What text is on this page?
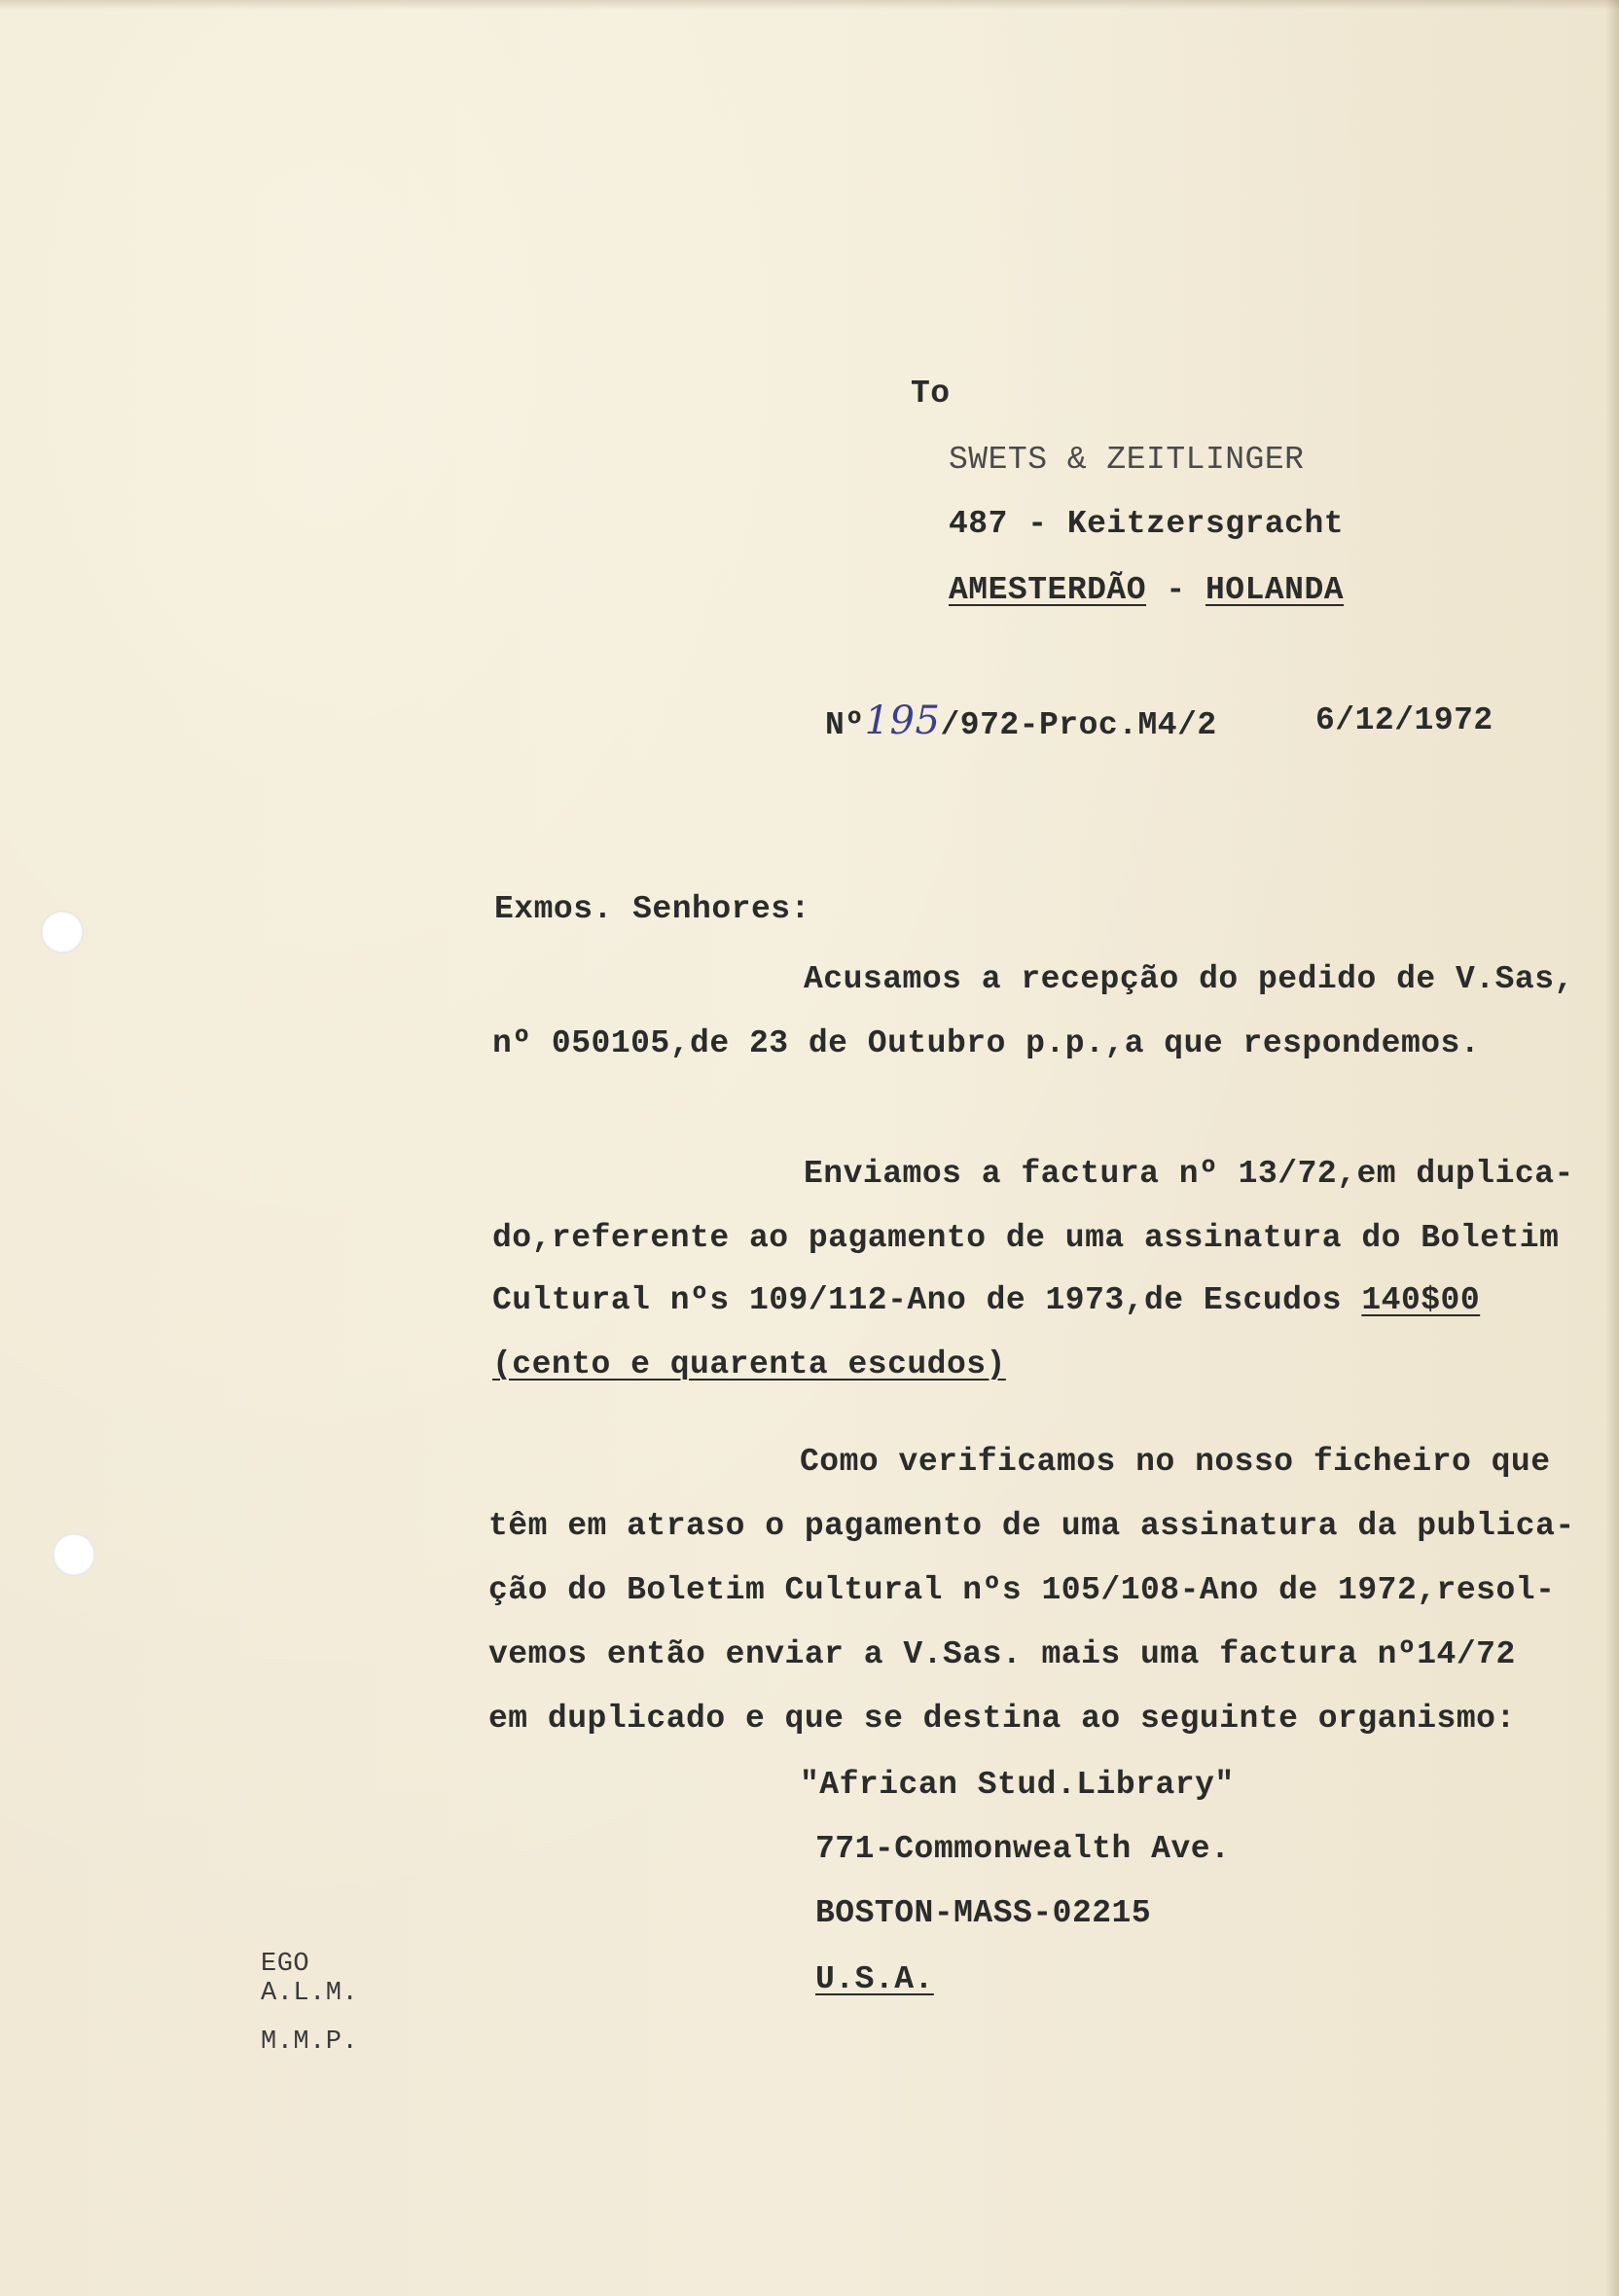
To
SWETS & ZEITLINGER
487 - Keitzersgracht
AMESTERDÃO - HOLANDA
Nº195/972-Proc.M4/2	6/12/1972
Exmos. Senhores:
Acusamos a recepção do pedido de V.Sas,
nº 050105,de 23 de Outubro p.p.,a que respondemos.
Enviamos a factura nº 13/72,em duplica-
do,referente ao pagamento de uma assinatura do Boletim
Cultural nºs 109/112-Ano de 1973,de Escudos 140$00
(cento e quarenta escudos)
Como verificamos no nosso ficheiro que
têm em atraso o pagamento de uma assinatura da publica-
ção do Boletim Cultural nºs 105/108-Ano de 1972,resol-
vemos então enviar a V.Sas. mais uma factura nº14/72
em duplicado e que se destina ao seguinte organismo:
"African Stud.Library"
771-Commonwealth Ave.
BOSTON-MASS-02215
U.S.A.
EGO
A.L.M.
M.M.P.
